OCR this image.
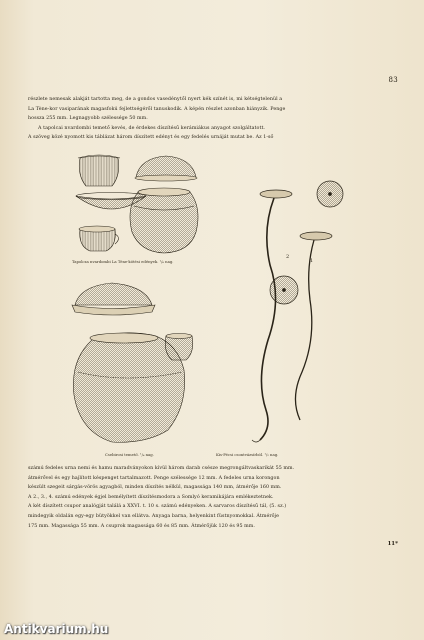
83
részlete nemesak alakját tartotta meg, de a gondos vasedénytől nyert kék színét is, mi kétségtelenül a
La Tène-kor vasiparának magasfokú fejlettségéről tanuskodik. A képén részlet azonban hiányzik. Penge
hossza 255 mm. Legnagyobb szélessége 50 mm.
A tapolcai nvardombi temető kevés, de érdekes díszítésű kerámiákus anyagot szolgáltatott.
A szöveg közé nyomott kis táblázat három díszített edényt és egy fedelés urnáját mutat be. Az 1-ső
2
1
Tapolcza nvardombi La Tène-kötési edények. ¹/₆ nag.
Csebirosi temető. ¹/₆ nag.	Kis-Pécsi csontvázsírból. ¹/₂ nag.
számú fedeles urna nemi és hamu maradványokon kívül három darab csésze megrongáltvaskarikát 55 mm.
átmérővel és egy hajlított késpenget tartalmazott. Penge szélessége 12 mm. A fedeles urna korongon
készült szegeit sárgás-vörös agyagból, minden díszítés nélkül, magassága 140 mm, átmérője 160 mm.
A 2., 3., 4. számú edények égjel bemélyített díszítésmodora a Somlyó keramikájára emlékeztetnek.
A két díszített csupor analógját találá a XXVI. t. 10 s. számú edényeken. A sarvaros díszítésű tál, (5. sz.)
mindegyik oldalán egy-egy bütyökkel van ellátva. Anyaga barna, helyenkint füstnyomokkal. Átmérője
175 mm. Magassága 55 mm. A csuprok magassága 60 és 85 mm. Átmérőjük 120 és 95 mm.
11*
Antikvarium.hu
